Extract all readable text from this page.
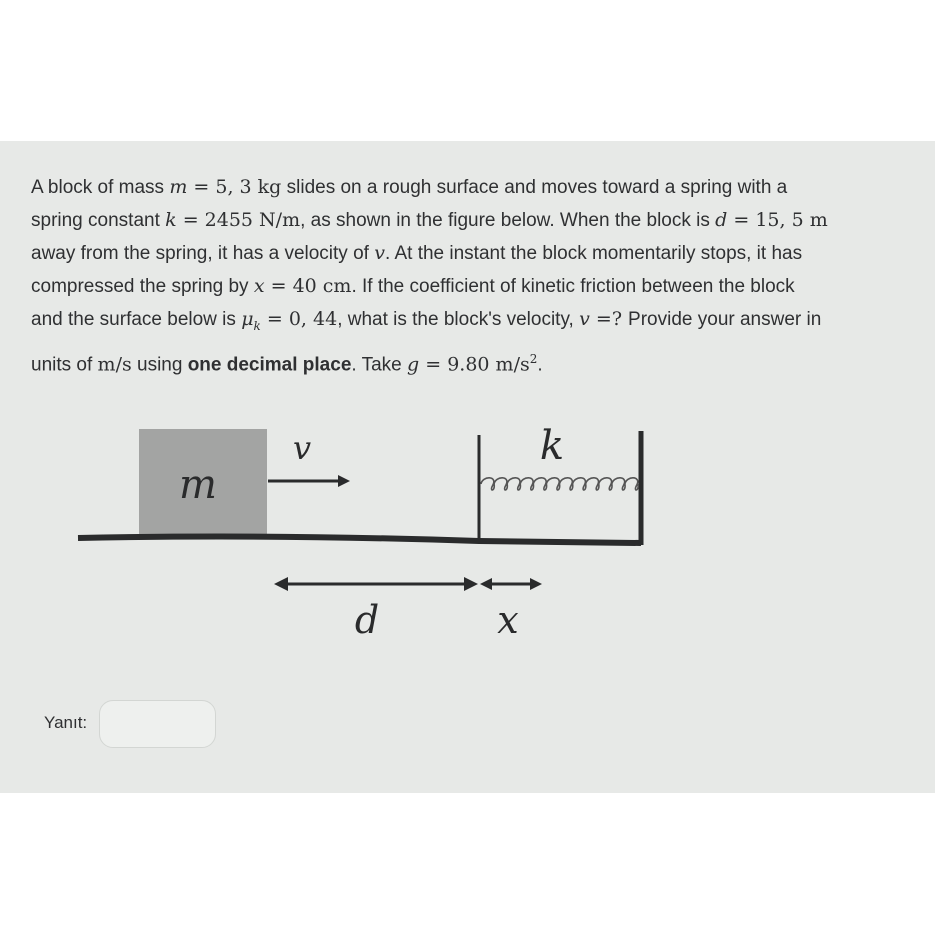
A block of mass m = 5, 3 kg slides on a rough surface and moves toward a spring with a
spring constant k = 2455 N/m, as shown in the figure below. When the block is d = 15, 5 m
away from the spring, it has a velocity of v. At the instant the block momentarily stops, it has
compressed the spring by x = 40 cm. If the coefficient of kinetic friction between the block
and the surface below is $\mu_k = 0$, 44, what is the block's velocity, v =? Provide your answer in
units of m/s using one decimal place. Take g = 9.80 $m/s^2$.
m
v	k
d	x
Yanıt:
